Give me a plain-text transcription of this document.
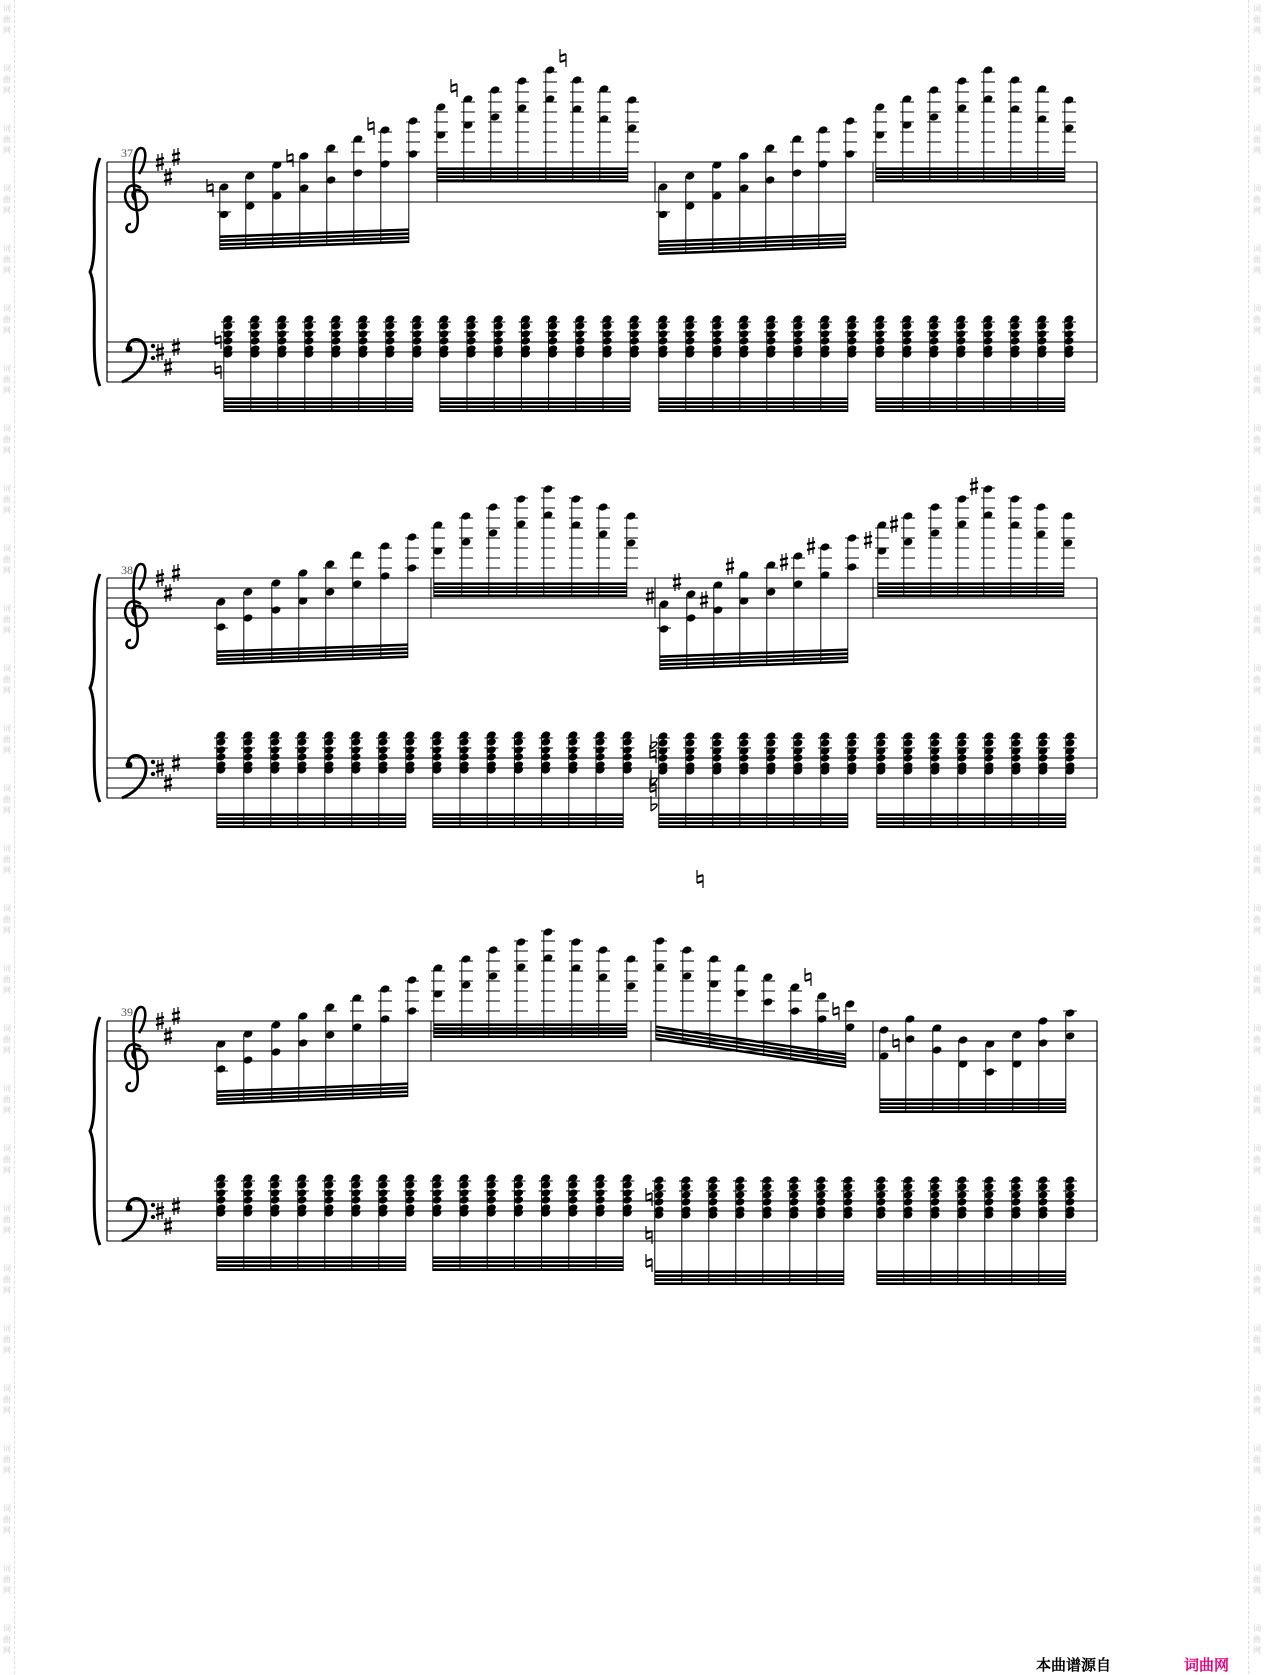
词
曲
网
词
曲
网
词
曲
网
词
曲
网
词
曲
网
词
曲
网
词
曲
网
词
曲
网
词
曲
网
词
曲
网
词
曲
网
词
曲
网
词
曲
网
词
曲
网
词
曲
网
词
曲
网
词
曲
网
词
曲
网
词
曲
网
词
曲
网
词
曲
网
词
曲
网
词
曲
网
词
曲
网
词
曲
网
词
曲
网
词
曲
网
词
曲
网
词
曲
网
词
曲
网
词
曲
网
词
曲
网
词
曲
网
词
曲
网
词
曲
网
词
曲
网
词
曲
网
词
曲
网
词
曲
网
词
曲
网
词
曲
网
词
曲
网
词
曲
网
词
曲
网
词
曲
网
词
曲
网
词
曲
网
词
曲
网
词
曲
网
词
曲
网
词
曲
网
词
曲
网
词
曲
网
词
曲
网
词
曲
网
词
曲
网
37
38
39
本曲谱源自	词曲网
